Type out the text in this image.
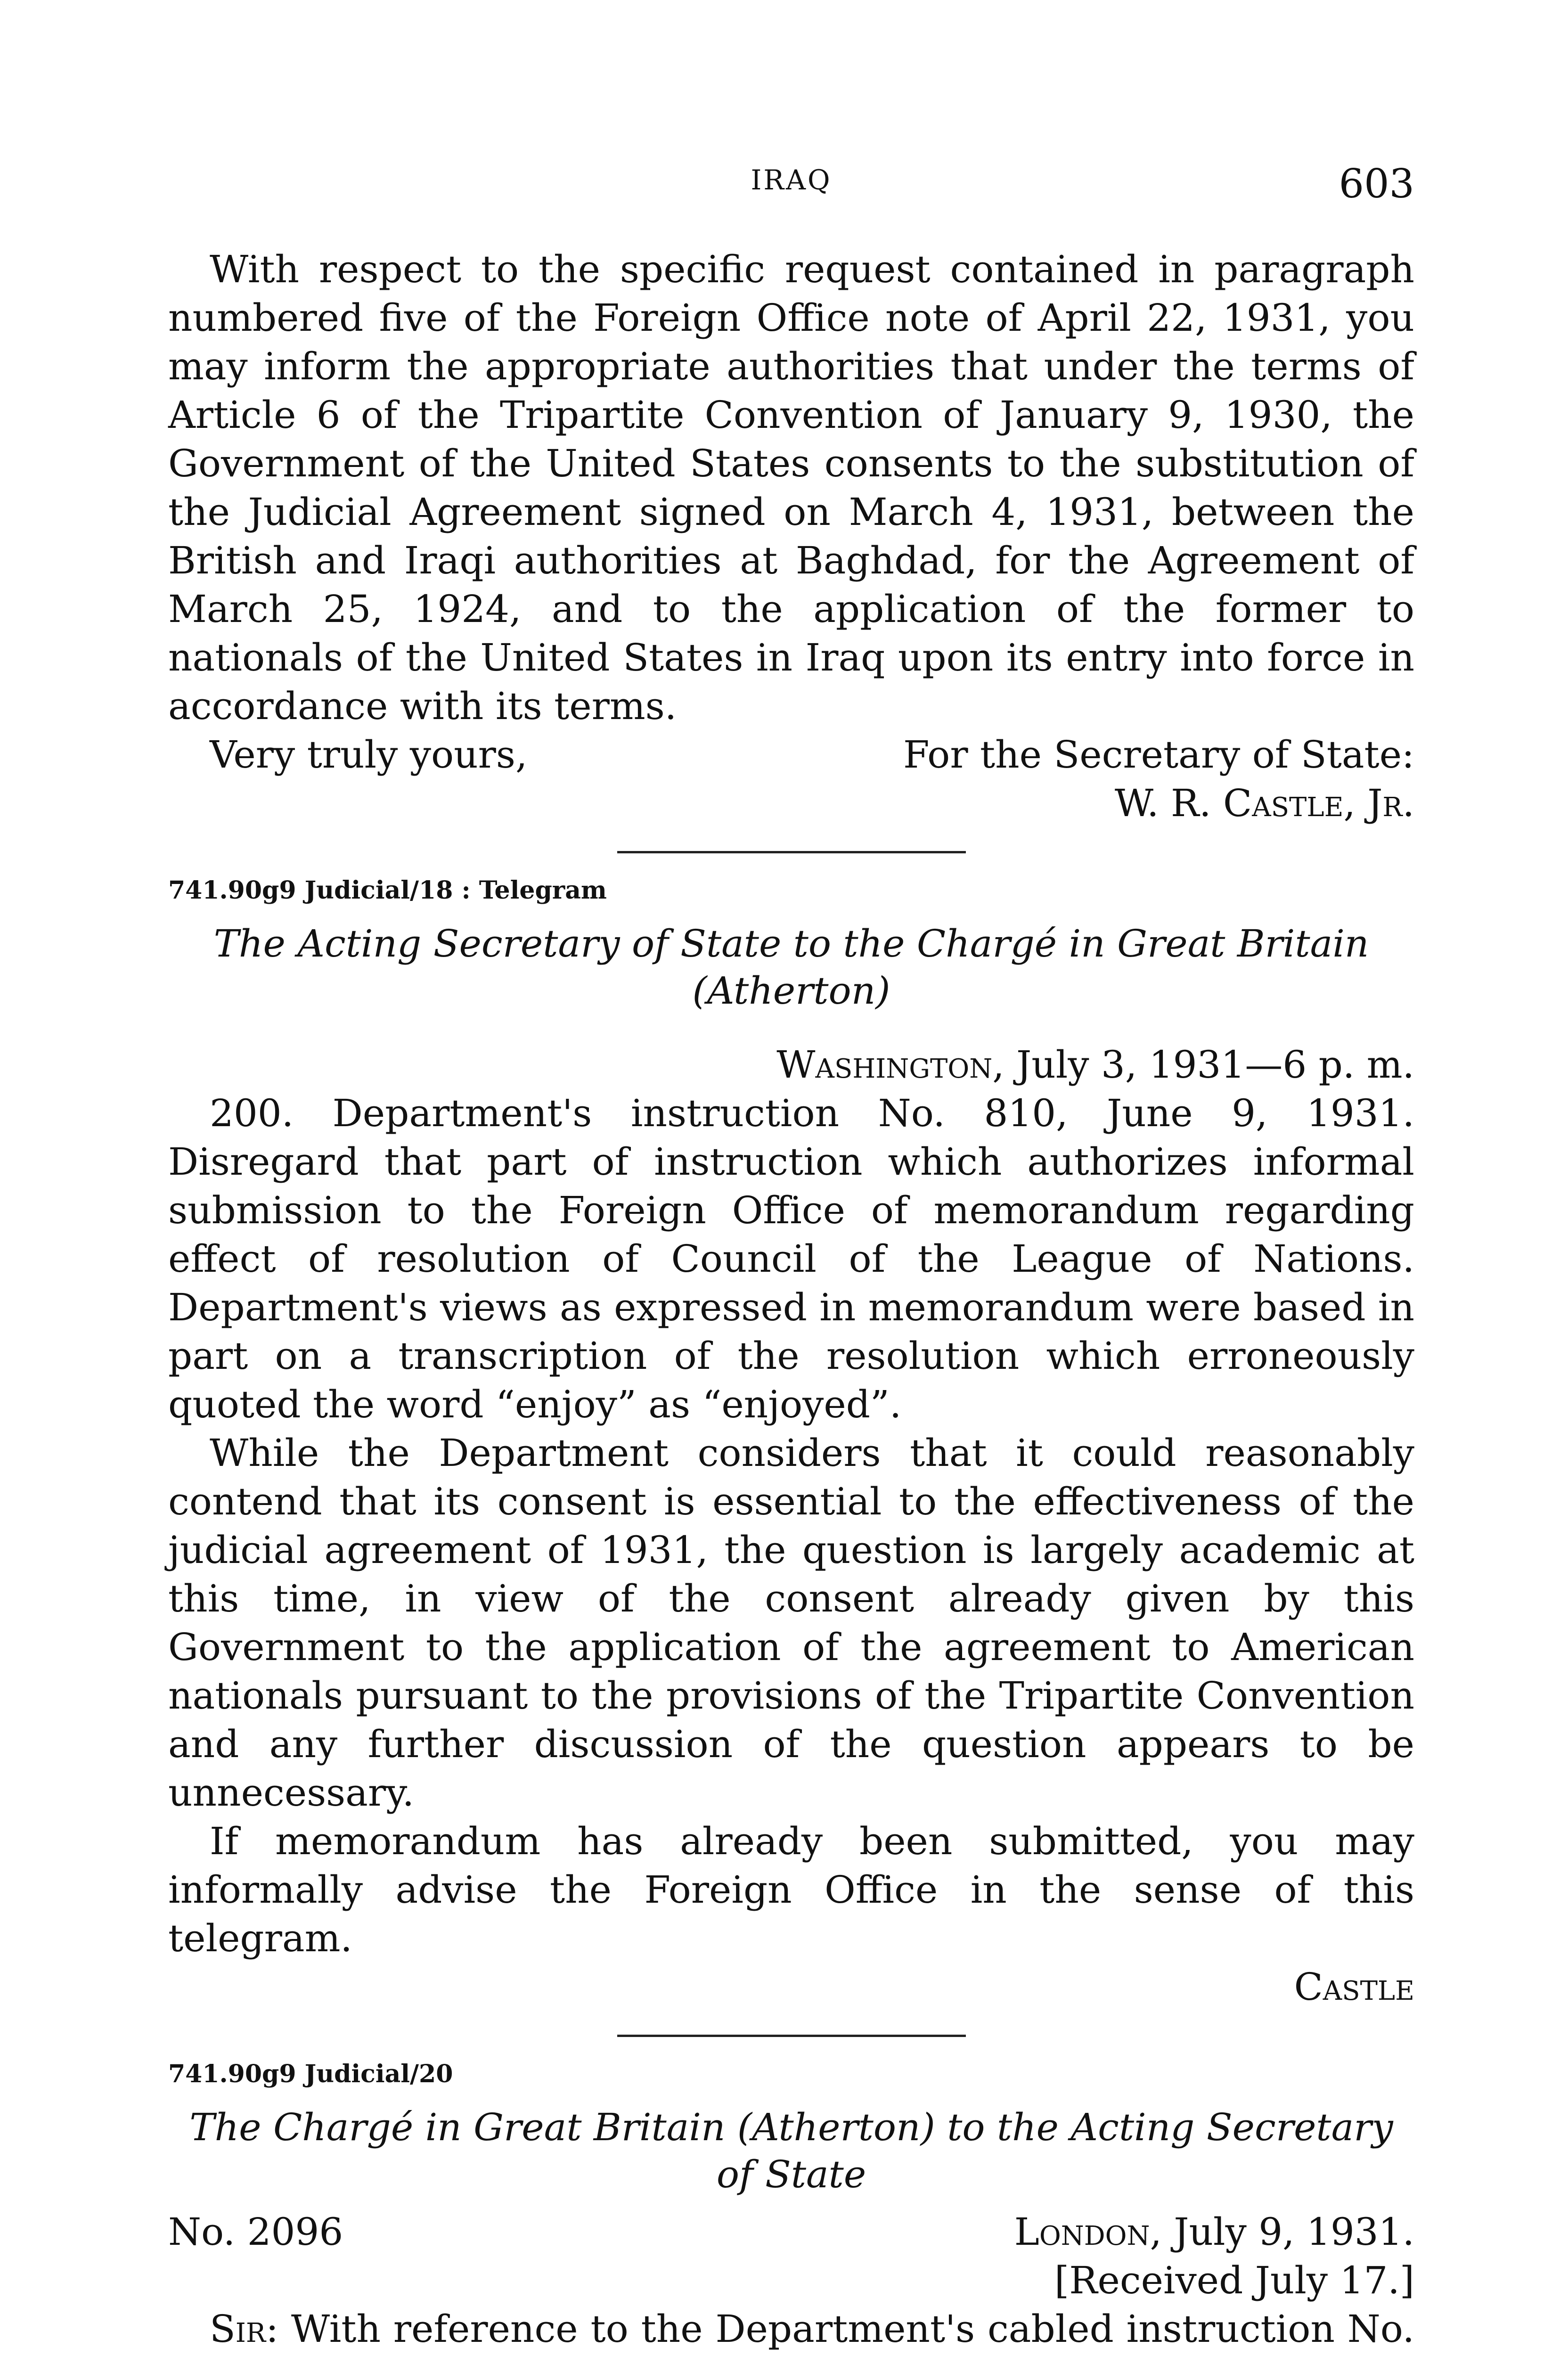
IRAQ	603

With respect to the specific request contained in paragraph numbered five of the Foreign Office note of April 22, 1931, you may inform the appropriate authorities that under the terms of Article 6 of the Tripartite Convention of January 9, 1930, the Government of the United States consents to the substitution of the Judicial Agreement signed on March 4, 1931, between the British and Iraqi authorities at Baghdad, for the Agreement of March 25, 1924, and to the application of the former to nationals of the United States in Iraq upon its entry into force in accordance with its terms.

Very truly yours,	For the Secretary of State:
W. R. Castle, Jr.
741.90g9 Judicial/18 : Telegram
The Acting Secretary of State to the Chargé in Great Britain
(Atherton)
Washington, July 3, 1931—6 p. m.

200. Department's instruction No. 810, June 9, 1931. Disregard that part of instruction which authorizes informal submission to the Foreign Office of memorandum regarding effect of resolution of Council of the League of Nations. Department's views as expressed in memorandum were based in part on a transcription of the resolution which erroneously quoted the word “enjoy” as “enjoyed”.

While the Department considers that it could reasonably contend that its consent is essential to the effectiveness of the judicial agreement of 1931, the question is largely academic at this time, in view of the consent already given by this Government to the application of the agreement to American nationals pursuant to the provisions of the Tripartite Convention and any further discussion of the question appears to be unnecessary.

If memorandum has already been submitted, you may informally advise the Foreign Office in the sense of this telegram.

Castle
741.90g9 Judicial/20
The Chargé in Great Britain (Atherton) to the Acting Secretary
of State
No. 2096	London, July 9, 1931.
[Received July 17.]

Sir: With reference to the Department's cabled instruction No.
